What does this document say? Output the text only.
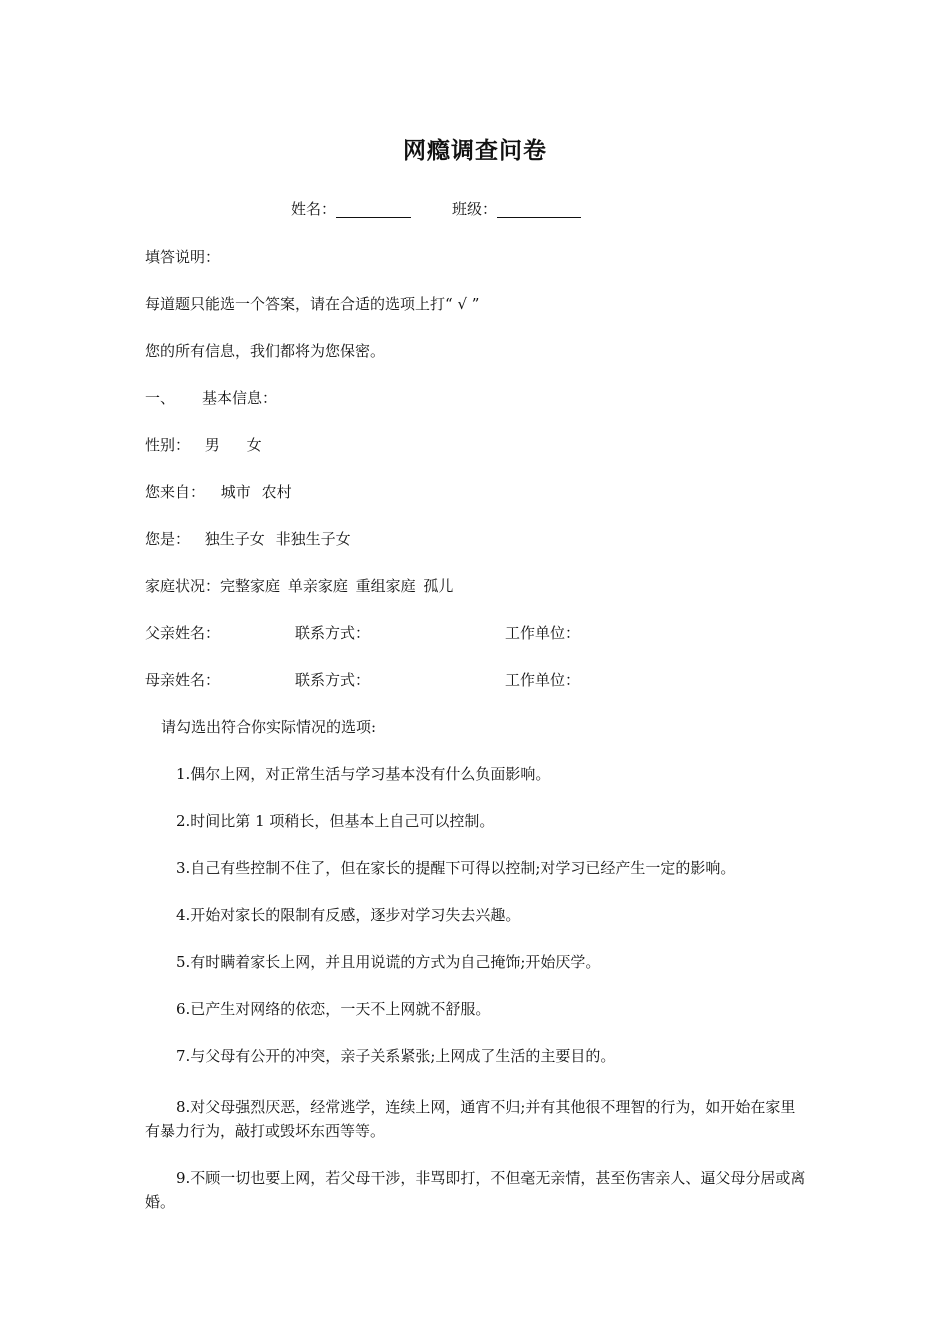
网瘾调查问卷
姓名：	班级：
填答说明：
每道题只能选一个答案，请在合适的选项上打“ √ ”
您的所有信息，我们都将为您保密。
一、 基本信息：
性别： 男 女
您来自： 城市 农村
您是： 独生子女 非独生子女
家庭状况：完整家庭 单亲家庭 重组家庭 孤儿
父亲姓名：	联系方式：	工作单位：
母亲姓名：	联系方式：	工作单位：
请勾选出符合你实际情况的选项:
1.偶尔上网，对正常生活与学习基本没有什么负面影响。
2.时间比第 1 项稍长，但基本上自己可以控制。
3.自己有些控制不住了，但在家长的提醒下可得以控制;对学习已经产生一定的影响。
4.开始对家长的限制有反感，逐步对学习失去兴趣。
5.有时瞒着家长上网，并且用说谎的方式为自己掩饰;开始厌学。
6.已产生对网络的依恋，一天不上网就不舒服。
7.与父母有公开的冲突，亲子关系紧张;上网成了生活的主要目的。
8.对父母强烈厌恶，经常逃学，连续上网，通宵不归;并有其他很不理智的行为，如开始在家里有暴力行为，敲打或毁坏东西等等。
9.不顾一切也要上网，若父母干涉，非骂即打，不但毫无亲情，甚至伤害亲人、逼父母分居或离婚。
